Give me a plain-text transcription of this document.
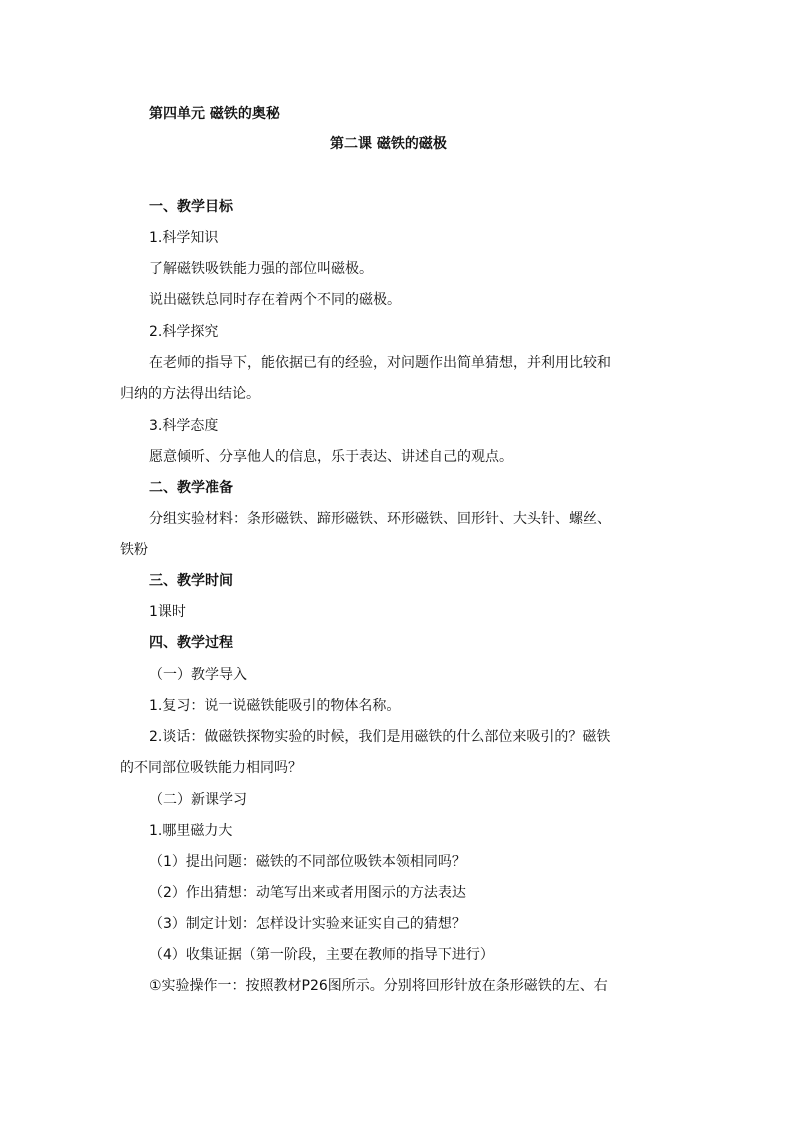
第四单元 磁铁的奥秘
第二课 磁铁的磁极
一、教学目标
1.科学知识
了解磁铁吸铁能力强的部位叫磁极。
说出磁铁总同时存在着两个不同的磁极。
2.科学探究
在老师的指导下，能依据已有的经验，对问题作出简单猜想，并利用比较和
归纳的方法得出结论。
3.科学态度
愿意倾听、分享他人的信息，乐于表达、讲述自己的观点。
二、教学准备
分组实验材料：条形磁铁、蹄形磁铁、环形磁铁、回形针、大头针、螺丝、
铁粉
三、教学时间
1课时
四、教学过程
（一）教学导入
1.复习：说一说磁铁能吸引的物体名称。
2.谈话：做磁铁探物实验的时候，我们是用磁铁的什么部位来吸引的？磁铁
的不同部位吸铁能力相同吗？
（二）新课学习
1.哪里磁力大
（1）提出问题：磁铁的不同部位吸铁本领相同吗？
（2）作出猜想：动笔写出来或者用图示的方法表达
（3）制定计划：怎样设计实验来证实自己的猜想？
（4）收集证据（第一阶段，主要在教师的指导下进行）
①实验操作一：按照教材P26图所示。分别将回形针放在条形磁铁的左、右
